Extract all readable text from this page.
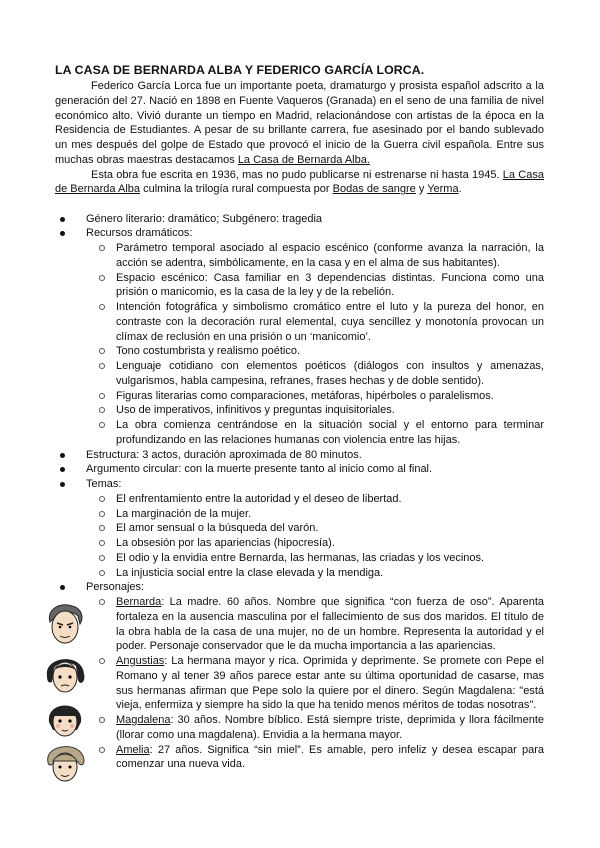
LA CASA DE BERNARDA ALBA Y FEDERICO GARCÍA LORCA.

Federico García Lorca fue un importante poeta, dramaturgo y prosista español adscrito a la generación del 27. Nació en 1898 en Fuente Vaqueros (Granada) en el seno de una familia de nivel económico alto. Vivió durante un tiempo en Madrid, relacionándose con artistas de la época en la Residencia de Estudiantes. A pesar de su brillante carrera, fue asesinado por el bando sublevado un mes después del golpe de Estado que provocó el inicio de la Guerra civil española. Entre sus muchas obras maestras destacamos La Casa de Bernarda Alba.

Esta obra fue escrita en 1936, mas no pudo publicarse ni estrenarse ni hasta 1945. La Casa de Bernarda Alba culmina la trilogía rural compuesta por Bodas de sangre y Yerma.

Género literario: dramático; Subgénero: tragedia
Recursos dramáticos:
Parámetro temporal asociado al espacio escénico (conforme avanza la narración, la acción se adentra, simbólicamente, en la casa y en el alma de sus habitantes).
Espacio escénico: Casa familiar en 3 dependencias distintas. Funciona como una prisión o manicomio, es la casa de la ley y de la rebelión.
Intención fotográfica y simbolismo cromático entre el luto y la pureza del honor, en contraste con la decoración rural elemental, cuya sencillez y monotonía provocan un clímax de reclusión en una prisión o un ‘manicomio’.
Tono costumbrista y realismo poético.
Lenguaje cotidiano con elementos poéticos (diálogos con insultos y amenazas, vulgarismos, habla campesina, refranes, frases hechas y de doble sentido).
Figuras literarias como comparaciones, metáforas, hipérboles o paralelismos.
Uso de imperativos, infinitivos y preguntas inquisitoriales.
La obra comienza centrándose en la situación social y el entorno para terminar profundizando en las relaciones humanas con violencia entre las hijas.
Estructura: 3 actos, duración aproximada de 80 minutos.
Argumento circular: con la muerte presente tanto al inicio como al final.
Temas:
El enfrentamiento entre la autoridad y el deseo de libertad.
La marginación de la mujer.
El amor sensual o la búsqueda del varón.
La obsesión por las apariencias (hipocresía).
El odio y la envidia entre Bernarda, las hermanas, las criadas y los vecinos.
La injusticia social entre la clase elevada y la mendiga.
Personajes:
Bernarda: La madre. 60 años. Nombre que significa “con fuerza de oso”. Aparenta fortaleza en la ausencia masculina por el fallecimiento de sus dos maridos. El título de la obra habla de la casa de una mujer, no de un hombre. Representa la autoridad y el poder. Personaje conservador que le da mucha importancia a las apariencias.
Angustias: La hermana mayor y rica. Oprimida y deprimente. Se promete con Pepe el Romano y al tener 39 años parece estar ante su última oportunidad de casarse, mas sus hermanas afirman que Pepe solo la quiere por el dinero. Según Magdalena: "está vieja, enfermiza y siempre ha sido la que ha tenido menos méritos de todas nosotras".
Magdalena: 30 años. Nombre bíblico. Está siempre triste, deprimida y llora fácilmente (llorar como una magdalena). Envidia a la hermana mayor.
Amelia: 27 años. Significa “sin miel”. Es amable, pero infeliz y desea escapar para comenzar una nueva vida.
